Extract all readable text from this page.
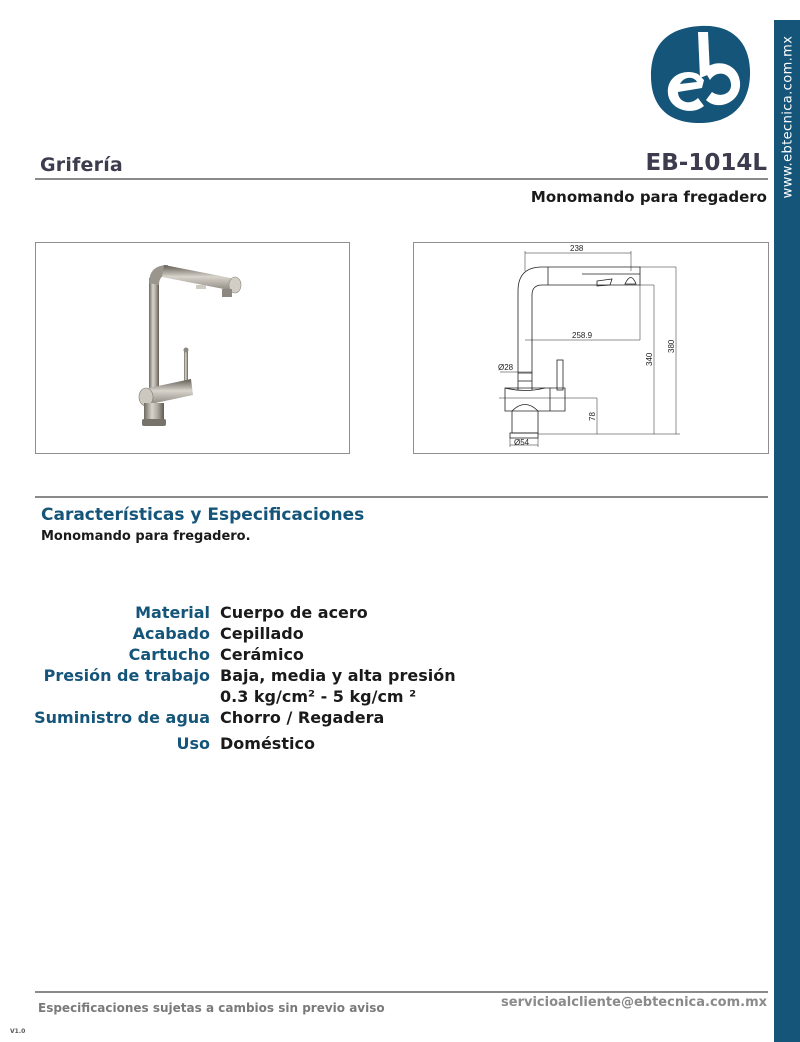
www.ebtecnica.com.mx
Grifería	EB-1014L
Monomando para fregadero
238
258.9
340
380
78
Ø28
Ø54
Características y Especificaciones
Monomando para fregadero.
Material Cuerpo de acero
Acabado Cepillado
Cartucho Cerámico
Presión de trabajo Baja, media y alta presión
0.3 kg/cm² - 5 kg/cm ²
Suministro de agua Chorro / Regadera
Uso Doméstico
Especificaciones sujetas a cambios sin previo aviso	servicioalcliente@ebtecnica.com.mx
V1.0
